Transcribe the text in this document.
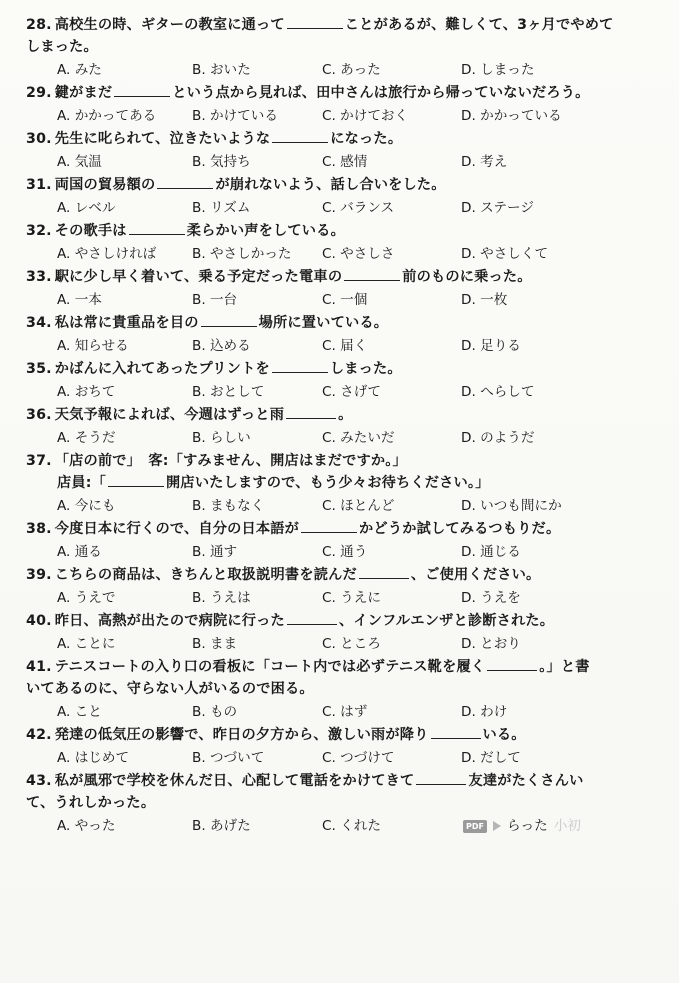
28. 高校生の時、ギターの教室に通って	ことがあるが、難しくて、3ヶ月でやめて
しまった。
A. みた	B. おいた	C. あった	D. しまった
29. 鍵がまだ	という点から見れば、田中さんは旅行から帰っていないだろう。
A. かかってある	B. かけている	C. かけておく	D. かかっている
30. 先生に叱られて、泣きたいような	になった。
A. 気温	B. 気持ち	C. 感情	D. 考え
31. 両国の貿易額の	が崩れないよう、話し合いをした。
A. レベル	B. リズム	C. バランス	D. ステージ
32. その歌手は	柔らかい声をしている。
A. やさしければ	B. やさしかった C. やさしさ	D. やさしくて
33. 駅に少し早く着いて、乗る予定だった電車の	前のものに乗った。
A. 一本	B. 一台	C. 一個	D. 一枚
34. 私は常に貴重品を目の	場所に置いている。
A. 知らせる	B. 込める	C. 届く	D. 足りる
35. かばんに入れてあったプリントを	しまった。
A. おちて	B. おとして	C. さげて	D. へらして
36. 天気予報によれば、今週はずっと雨	。
A. そうだ	B. らしい	C. みたいだ	D. のようだ
37. 「店の前で」　客:「すみません、開店はまだですか。」
店員:「	開店いたしますので、もう少々お待ちください。」
A. 今にも	B. まもなく	C. ほとんど	D. いつも間にか
38. 今度日本に行くので、自分の日本語が	かどうか試してみるつもりだ。
A. 通る	B. 通す	C. 通う	D. 通じる
39. こちらの商品は、きちんと取扱説明書を読んだ	、ご使用ください。
A. うえで	B. うえは	C. うえに	D. うえを
40. 昨日、高熱が出たので病院に行った	、インフルエンザと診断された。
A. ことに	B. まま	C. ところ	D. とおり
41. テニスコートの入り口の看板に「コート内では必ずテニス靴を履く	。」と書
いてあるのに、守らない人がいるので困る。
A. こと	B. もの	C. はず	D. わけ
42. 発達の低気圧の影響で、昨日の夕方から、激しい雨が降り	いる。
A. はじめて	B. つづいて	C. つづけて	D. だして
43. 私が風邪で学校を休んだ日、心配して電話をかけてきて	友達がたくさんい
て、うれしかった。
A. やった	B. あげた	C. くれた	PDF らった 小初
